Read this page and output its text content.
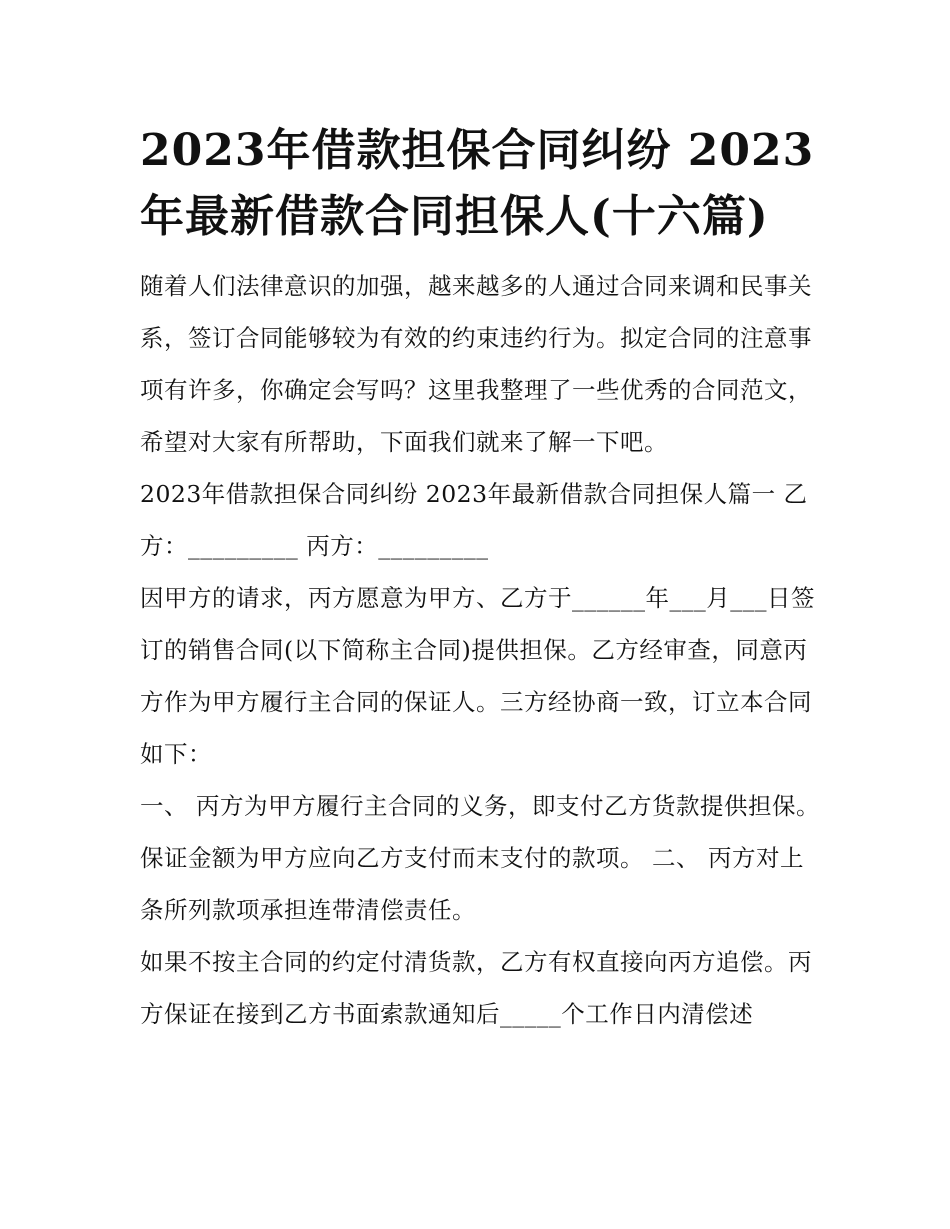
2023年借款担保合同纠纷 2023年最新借款合同担保人(十六篇)

随着人们法律意识的加强，越来越多的人通过合同来调和民事关系，签订合同能够较为有效的约束违约行为。拟定合同的注意事项有许多，你确定会写吗？这里我整理了一些优秀的合同范文，希望对大家有所帮助，下面我们就来了解一下吧。

2023年借款担保合同纠纷 2023年最新借款合同担保人篇一 乙方：_________ 丙方：_________

因甲方的请求，丙方愿意为甲方、乙方于______年___月___日签订的销售合同(以下简称主合同)提供担保。乙方经审查，同意丙方作为甲方履行主合同的保证人。三方经协商一致，订立本合同如下：

一、 丙方为甲方履行主合同的义务，即支付乙方货款提供担保。保证金额为甲方应向乙方支付而末支付的款项。 二、 丙方对上条所列款项承担连带清偿责任。

如果不按主合同的约定付清货款，乙方有权直接向丙方追偿。丙方保证在接到乙方书面索款通知后_____个工作日内清偿述
